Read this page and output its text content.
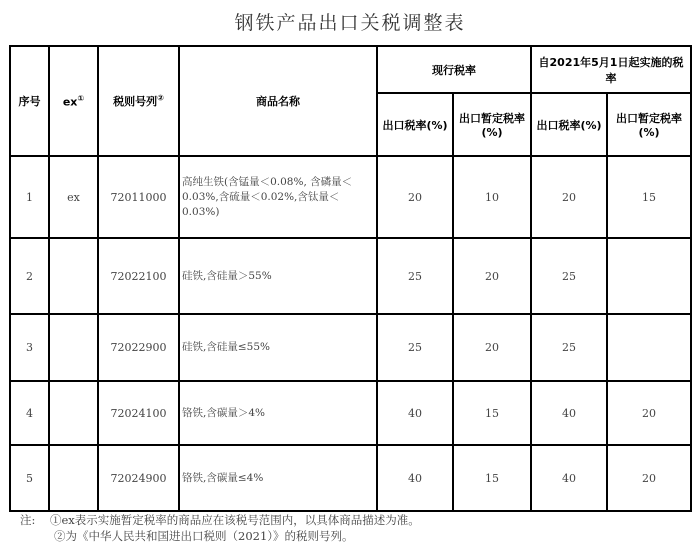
钢铁产品出口关税调整表
序号	ex①	税则号列②	商品名称	现行税率		自2021年5月1日起实施的税率	
				出口税率(%)	出口暂定税率(%)	出口税率(%)	出口暂定税率(%)
1	ex	72011000	高纯生铁(含锰量＜0.08%, 含磷量＜0.03%,含硫量＜0.02%,含钛量＜0.03%)	20	10	20	15
2		72022100	硅铁,含硅量＞55%	25	20	25	
3		72022900	硅铁,含硅量≤55%	25	20	25	
4		72024100	铬铁,含碳量＞4%	40	15	40	20
5		72024900	铬铁,含碳量≤4%	40	15	40	20
注: ①ex表示实施暂定税率的商品应在该税号范围内，以具体商品描述为准。
②为《中华人民共和国进出口税则（2021）》的税则号列。
